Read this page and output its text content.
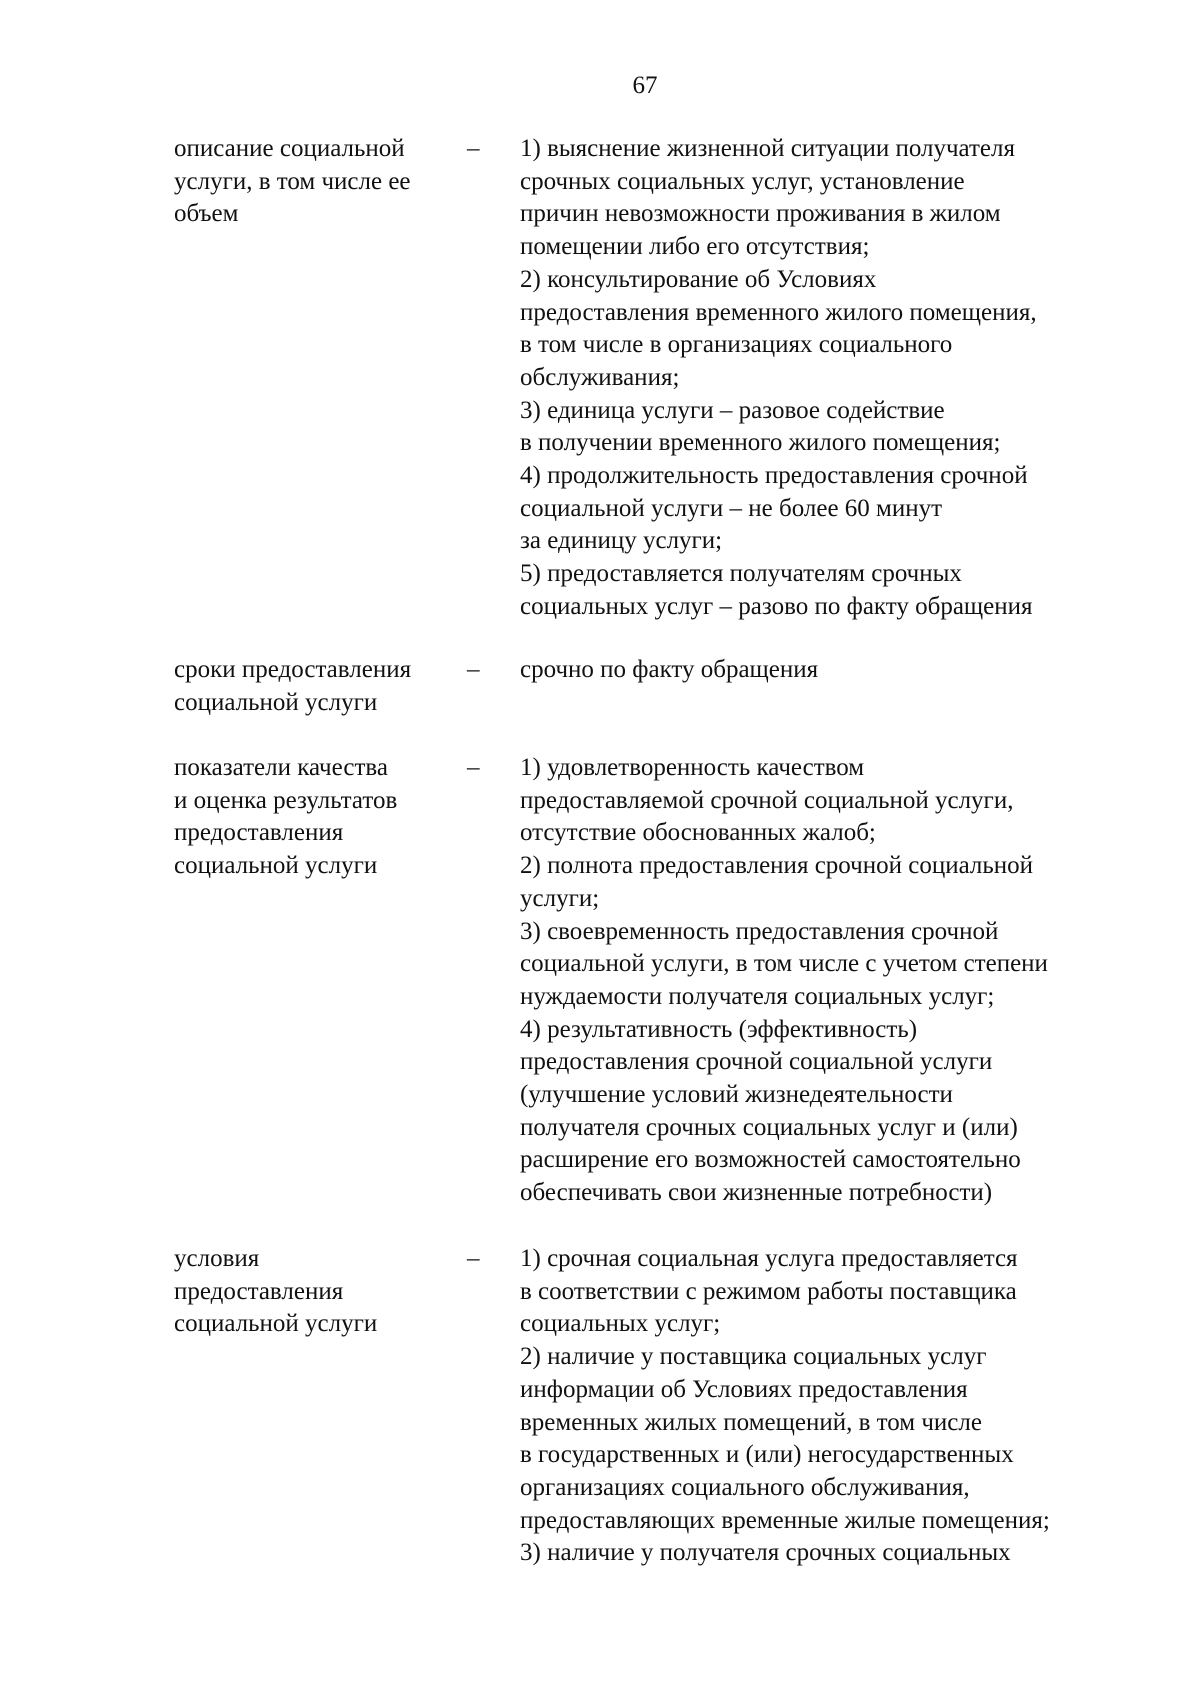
67
описание социальной
услуги, в том числе ее
объем
– 1) выяснение жизненной ситуации получателя
срочных социальных услуг, установление
причин невозможности проживания в жилом
помещении либо его отсутствия;
2) консультирование об Условиях
предоставления временного жилого помещения,
в том числе в организациях социального
обслуживания;
3) единица услуги – разовое содействие
в получении временного жилого помещения;
4) продолжительность предоставления срочной
социальной услуги – не более 60 минут
за единицу услуги;
5) предоставляется получателям срочных
социальных услуг – разово по факту обращения
сроки предоставления
социальной услуги
– срочно по факту обращения
показатели качества
и оценка результатов
предоставления
социальной услуги
– 1) удовлетворенность качеством
предоставляемой срочной социальной услуги,
отсутствие обоснованных жалоб;
2) полнота предоставления срочной социальной
услуги;
3) своевременность предоставления срочной
социальной услуги, в том числе с учетом степени
нуждаемости получателя социальных услуг;
4) результативность (эффективность)
предоставления срочной социальной услуги
(улучшение условий жизнедеятельности
получателя срочных социальных услуг и (или)
расширение его возможностей самостоятельно
обеспечивать свои жизненные потребности)
условия
предоставления
социальной услуги
– 1) срочная социальная услуга предоставляется
в соответствии с режимом работы поставщика
социальных услуг;
2) наличие у поставщика социальных услуг
информации об Условиях предоставления
временных жилых помещений, в том числе
в государственных и (или) негосударственных
организациях социального обслуживания,
предоставляющих временные жилые помещения;
3) наличие у получателя срочных социальных
